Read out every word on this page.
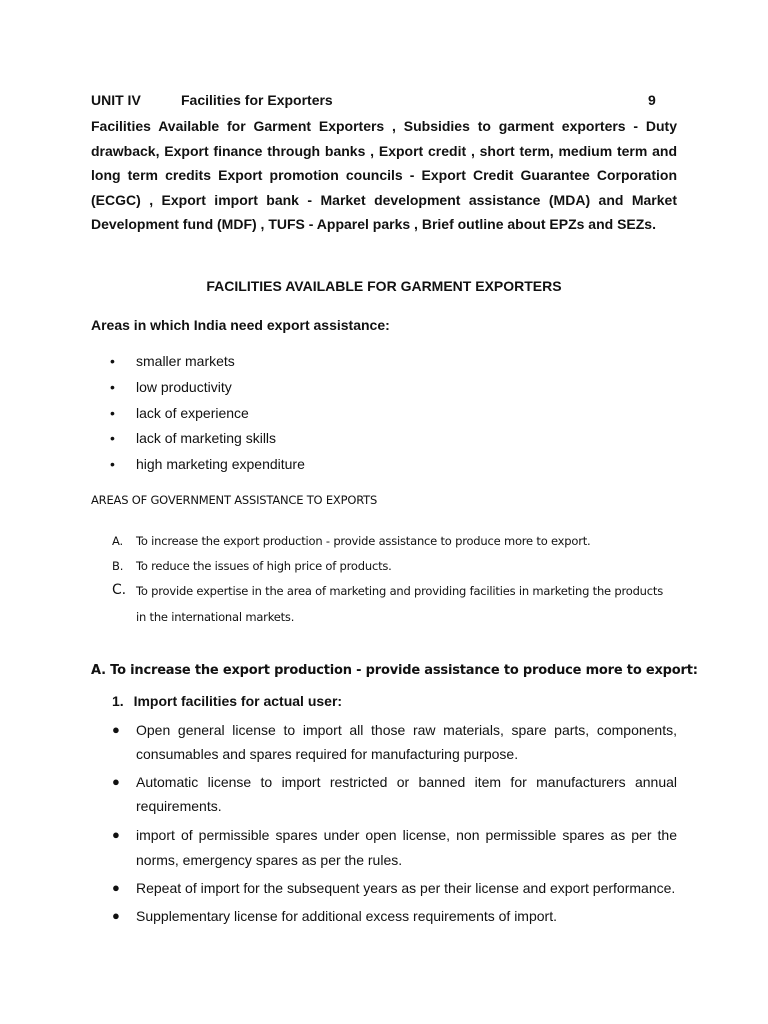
UNIT IV	Facilities for Exporters	9
Facilities Available for Garment Exporters , Subsidies to garment exporters - Duty
drawback, Export finance through banks , Export credit , short term, medium term and
long term credits Export promotion councils - Export Credit Guarantee Corporation
(ECGC) , Export import bank - Market development assistance (MDA) and Market
Development fund (MDF) , TUFS - Apparel parks , Brief outline about EPZs and SEZs.
FACILITIES AVAILABLE FOR GARMENT EXPORTERS
Areas in which India need export assistance:
• smaller markets
• low productivity
• lack of experience
• lack of marketing skills
• high marketing expenditure
AREAS OF GOVERNMENT ASSISTANCE TO EXPORTS
A. To increase the export production - provide assistance to produce more to export.
B. To reduce the issues of high price of products.
C. To provide expertise in the area of marketing and providing facilities in marketing the products
in the international markets.
A. To increase the export production - provide assistance to produce more to export:
1. Import facilities for actual user:
● Open general license to import all those raw materials, spare parts, components,
consumables and spares required for manufacturing purpose.
● Automatic license to import restricted or banned item for manufacturers annual
requirements.
● import of permissible spares under open license, non permissible spares as per the
norms, emergency spares as per the rules.
● Repeat of import for the subsequent years as per their license and export performance.
● Supplementary license for additional excess requirements of import.
